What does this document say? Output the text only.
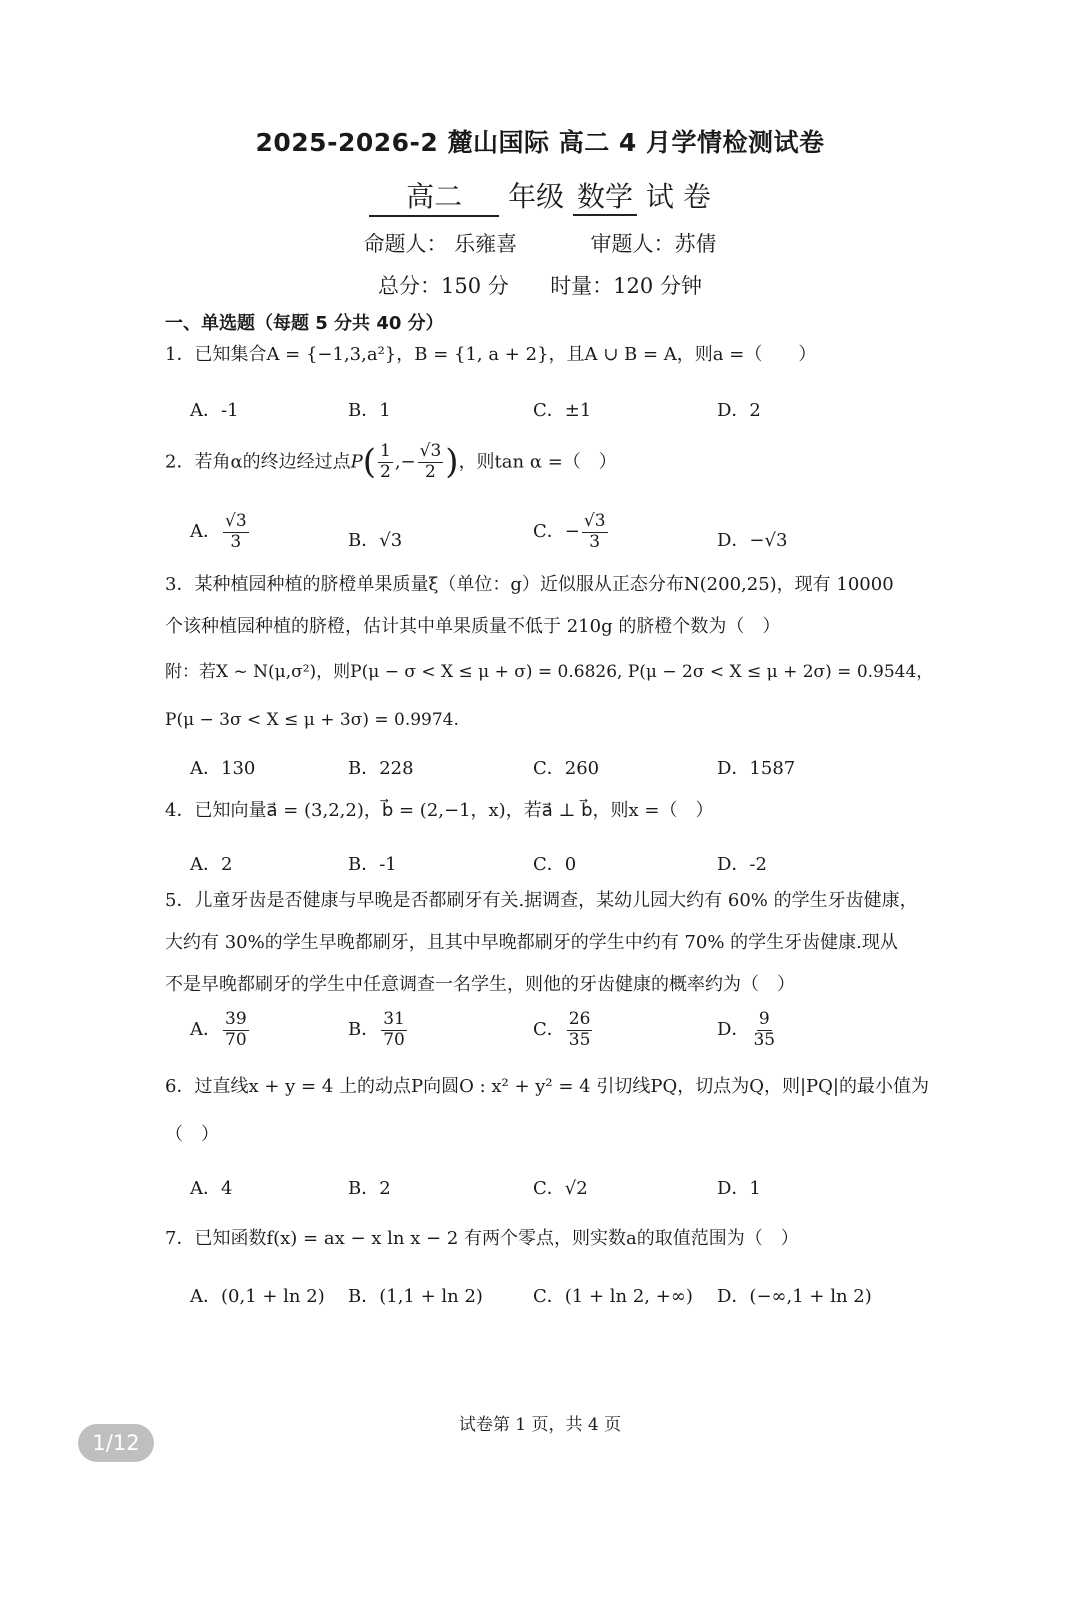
2025-2026-2 麓山国际 高二 4 月学情检测试卷
高二 年级 数学 试 卷
命题人： 乐雍喜	审题人：苏倩
总分：150 分 时量：120 分钟
一、单选题（每题 5 分共 40 分）
1．已知集合A = {−1,3,a²}，B = {1, a + 2}，且A ∪ B = A，则a =（　　）
A．-1	B．1	C．±1	D．2
2．若角α的终边经过点$P( \frac{1}{2}$ ,− $\frac{√3}{2}$ )，则tan α =（　）
A． $\frac{√3}{3}$	B．√3	C．− $\frac{√3}{3}$	D．−√3
3．某种植园种植的脐橙单果质量ξ（单位：g）近似服从正态分布N(200,25)，现有 10000
个该种植园种植的脐橙，估计其中单果质量不低于 210g 的脐橙个数为（　）
附：若X ~ N(μ,σ²)，则P(μ − σ < X ≤ μ + σ) = 0.6826, P(μ − 2σ < X ≤ μ + 2σ) = 0.9544，
P(μ − 3σ < X ≤ μ + 3σ) = 0.9974.
A．130	B．228	C．260	D．1587
4．已知向量a⃗ = (3,2,2)，b⃗ = (2,−1，x)，若a⃗ ⊥ b⃗，则x =（　）
A．2	B．-1	C．0	D．-2
5．儿童牙齿是否健康与早晚是否都刷牙有关.据调查，某幼儿园大约有 60% 的学生牙齿健康，
大约有 30%的学生早晚都刷牙，且其中早晚都刷牙的学生中约有 70% 的学生牙齿健康.现从
不是早晚都刷牙的学生中任意调查一名学生，则他的牙齿健康的概率约为（　）
A． $\frac{39}{70}$	B． $\frac{31}{70}$	C． $\frac{26}{35}$	D． $\frac{9}{35}$
6．过直线x + y = 4 上的动点P向圆O : x² + y² = 4 引切线PQ，切点为Q，则|PQ|的最小值为
（　）
A．4	B．2	C．√2	D．1
7．已知函数f(x) = ax − x ln x − 2 有两个零点，则实数a的取值范围为（　）
A．(0,1 + ln 2) B．(1,1 + ln 2)	C．(1 + ln 2, +∞) D．(−∞,1 + ln 2)
试卷第 1 页，共 4 页
1/12
